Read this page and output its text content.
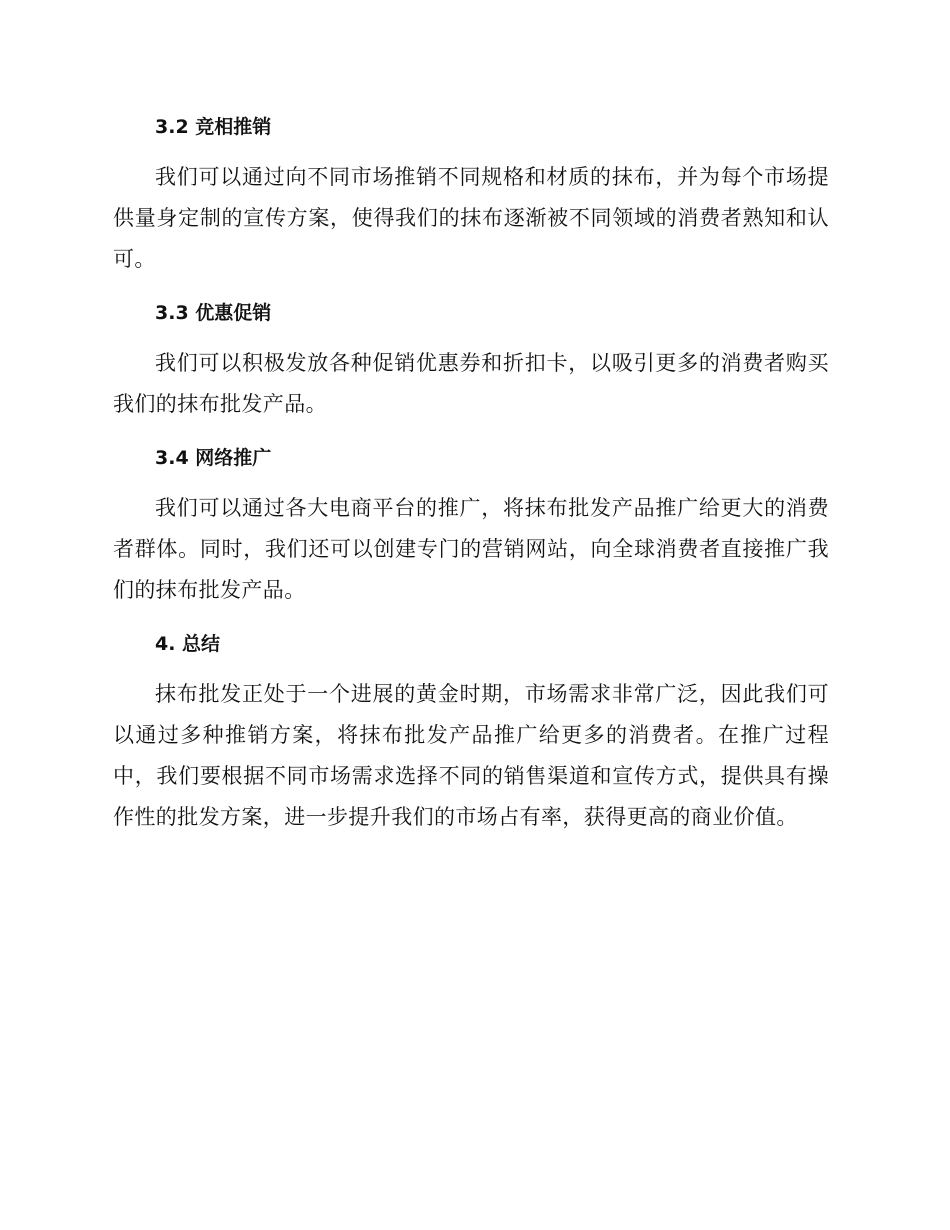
3.2 竞相推销

我们可以通过向不同市场推销不同规格和材质的抹布，并为每个市场提供量身定制的宣传方案，使得我们的抹布逐渐被不同领域的消费者熟知和认可。

3.3 优惠促销

我们可以积极发放各种促销优惠券和折扣卡，以吸引更多的消费者购买我们的抹布批发产品。

3.4 网络推广

我们可以通过各大电商平台的推广，将抹布批发产品推广给更大的消费者群体。同时，我们还可以创建专门的营销网站，向全球消费者直接推广我们的抹布批发产品。

4. 总结

抹布批发正处于一个进展的黄金时期，市场需求非常广泛，因此我们可以通过多种推销方案，将抹布批发产品推广给更多的消费者。在推广过程中，我们要根据不同市场需求选择不同的销售渠道和宣传方式，提供具有操作性的批发方案，进一步提升我们的市场占有率，获得更高的商业价值。
